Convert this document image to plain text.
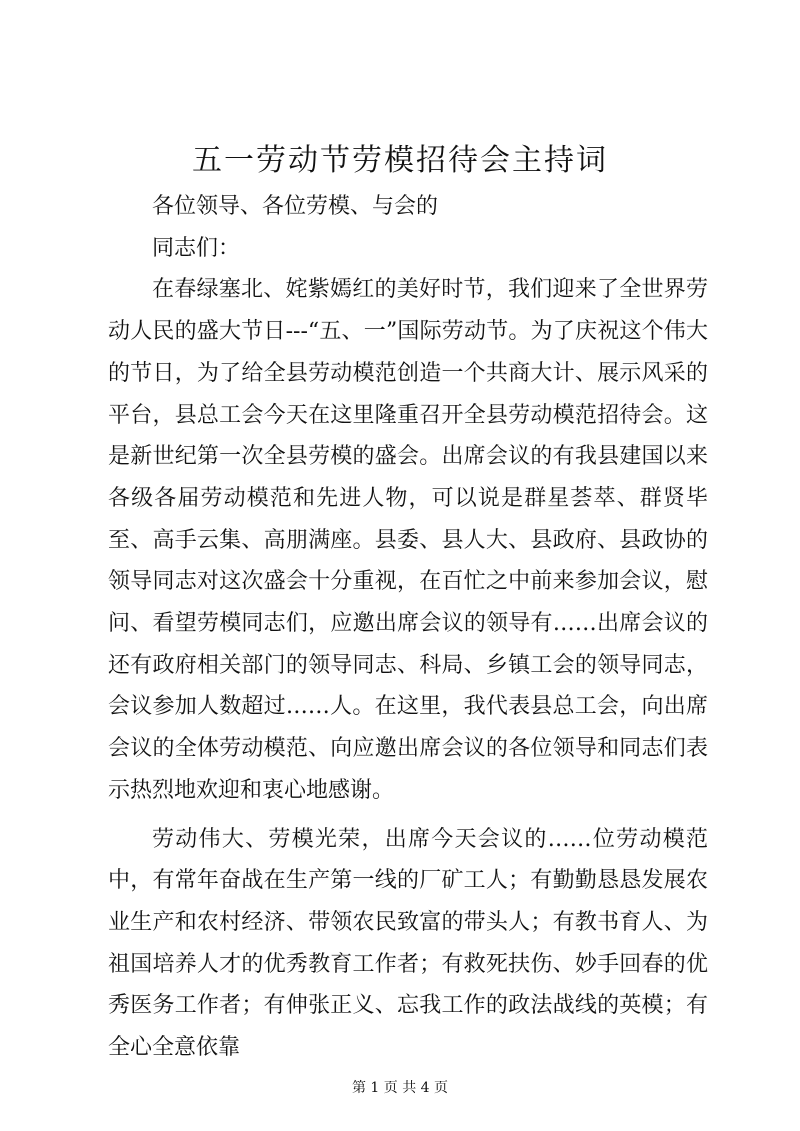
五一劳动节劳模招待会主持词

各位领导、各位劳模、与会的

同志们：

在春绿塞北、姹紫嫣红的美好时节，我们迎来了全世界劳动人民的盛大节日---“五、一”国际劳动节。为了庆祝这个伟大的节日，为了给全县劳动模范创造一个共商大计、展示风采的平台，县总工会今天在这里隆重召开全县劳动模范招待会。这是新世纪第一次全县劳模的盛会。出席会议的有我县建国以来各级各届劳动模范和先进人物，可以说是群星荟萃、群贤毕至、高手云集、高朋满座。县委、县人大、县政府、县政协的领导同志对这次盛会十分重视，在百忙之中前来参加会议，慰问、看望劳模同志们，应邀出席会议的领导有……出席会议的还有政府相关部门的领导同志、科局、乡镇工会的领导同志，会议参加人数超过……人。在这里，我代表县总工会，向出席会议的全体劳动模范、向应邀出席会议的各位领导和同志们表示热烈地欢迎和衷心地感谢。

劳动伟大、劳模光荣，出席今天会议的……位劳动模范中，有常年奋战在生产第一线的厂矿工人；有勤勤恳恳发展农业生产和农村经济、带领农民致富的带头人；有教书育人、为祖国培养人才的优秀教育工作者；有救死扶伤、妙手回春的优秀医务工作者；有伸张正义、忘我工作的政法战线的英模；有全心全意依靠

第 1 页 共 4 页
